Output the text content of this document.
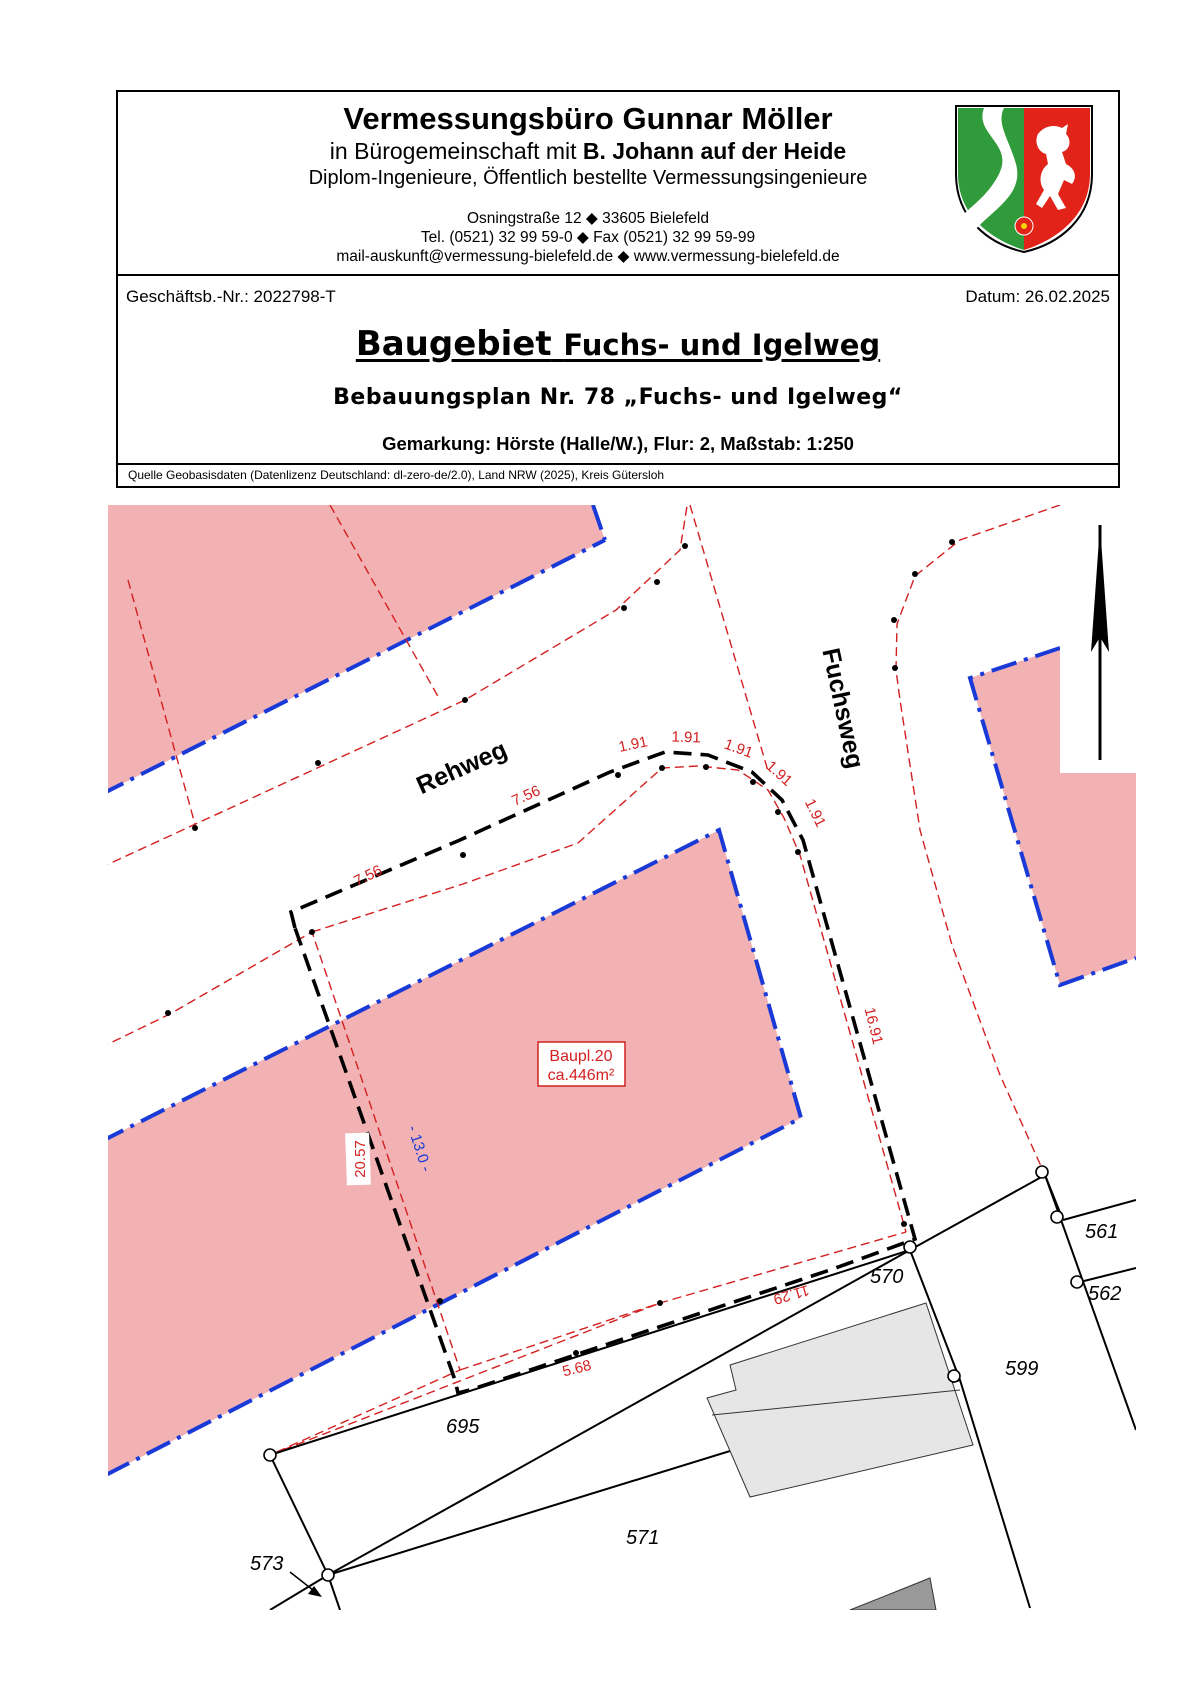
Rehweg	Fuchsweg
Baupl.20
ca.446m²
7.56
7.56
1.91 1.91 1.91
1.91
1.91
16.91
11.29
5.68
20.57 - 13.0 -
561
562
570
599
695
571
573
Vermessungsbüro Gunnar Möller
in Bürogemeinschaft mit B. Johann auf der Heide
Diplom-Ingenieure, Öffentlich bestellte Vermessungsingenieure
Osningstraße 12 ◆ 33605 Bielefeld
Tel. (0521) 32 99 59-0 ◆ Fax (0521) 32 99 59-99
mail-auskunft@vermessung-bielefeld.de ◆ www.vermessung-bielefeld.de
Geschäftsb.-Nr.: 2022798-T	Datum: 26.02.2025
Baugebiet Fuchs- und Igelweg
Bebauungsplan Nr. 78 „Fuchs- und Igelweg“
Gemarkung: Hörste (Halle/W.), Flur: 2, Maßstab: 1:250
Quelle Geobasisdaten (Datenlizenz Deutschland: dl-zero-de/2.0), Land NRW (2025), Kreis Gütersloh
